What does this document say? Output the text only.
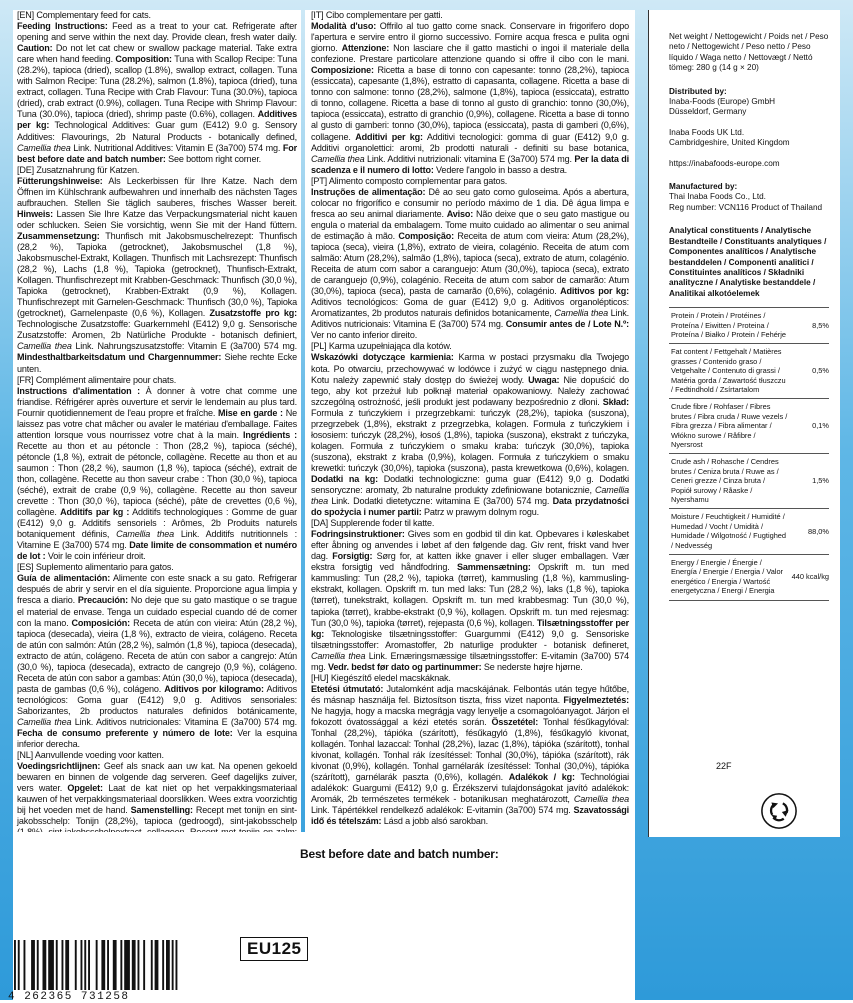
[EN] Complementary feed for cats.

Feeding Instructions: Feed as a treat to your cat. Refrigerate after opening and serve within the next day. Provide clean, fresh water daily. Caution: Do not let cat chew or swallow package material. Take extra care when hand feeding. Composition: Tuna with Scallop Recipe: Tuna (28.2%), tapioca (dried), scallop (1.8%), swallop extract, collagen. Tuna with Salmon Recipe: Tuna (28.2%), salmon (1.8%), tapioca (dried), tuna extract, collagen. Tuna Recipe with Crab Flavour: Tuna (30.0%), tapioca (dried), crab extract (0.9%), collagen. Tuna Recipe with Shrimp Flavour: Tuna (30.0%), tapioca (dried), shrimp paste (0.6%), collagen. Additives per kg: Technological Additives: Guar gum (E412) 9.0 g. Sensory Additives: Flavourings, 2b Natural Products - botanically defined, Camellia thea Link. Nutritional Additives: Vitamin E (3a700) 574 mg. For best before date and batch number: See bottom right corner.

[DE] Zusatznahrung für Katzen.

Fütterungshinweise: Als Leckerbissen für Ihre Katze. Nach dem Öffnen im Kühlschrank aufbewahren und innerhalb des nächsten Tages aufbrauchen. Stellen Sie täglich sauberes, frisches Wasser bereit. Hinweis: Lassen Sie Ihre Katze das Verpackungsmaterial nicht kauen oder schlucken. Seien Sie vorsichtig, wenn Sie mit der Hand füttern. Zusammensetzung: Thunfisch mit Jakobsmuschelrezept: Thunfisch (28,2 %), Tapioka (getrocknet), Jakobsmuschel (1,8 %), Jakobsmuschel-Extrakt, Kollagen. Thunfisch mit Lachsrezept: Thunfisch (28,2 %), Lachs (1,8 %), Tapioka (getrocknet), Thunfisch-Extrakt, Kollagen. Thunfischrezept mit Krabben-Geschmack: Thunfisch (30,0 %), Tapioka (getrocknet), Krabben-Extrakt (0,9 %), Kollagen. Thunfischrezept mit Garnelen-Geschmack: Thunfisch (30,0 %), Tapioka (getrocknet), Garnelenpaste (0,6 %), Kollagen. Zusatzstoffe pro kg: Technologische Zusatzstoffe: Guarkernmehl (E412) 9,0 g. Sensorische Zusatzstoffe: Aromen, 2b Natürliche Produkte - botanisch definiert, Camellia thea Link. Nahrungszusatzstoffe: Vitamin E (3a700) 574 mg. Mindesthaltbarkeitsdatum und Chargennummer: Siehe rechte Ecke unten.

[FR] Complément alimentaire pour chats.

Instructions d'alimentation : À donner à votre chat comme une friandise. Réfrigérer après ouverture et servir le lendemain au plus tard. Fournir quotidiennement de l'eau propre et fraîche. Mise en garde : Ne laissez pas votre chat mâcher ou avaler le matériau d'emballage. Faites attention lorsque vous nourrissez votre chat à la main. Ingrédients : Recette au thon et au pétoncle : Thon (28,2 %), tapioca (séché), pétoncle (1,8 %), extrait de pétoncle, collagène. Recette au thon et au saumon : Thon (28,2 %), saumon (1,8 %), tapioca (séché), extrait de thon, collagène. Recette au thon saveur crabe : Thon (30,0 %), tapioca (séché), extrait de crabe (0,9 %), collagène. Recette au thon saveur crevette : Thon (30,0 %), tapioca (séché), pâte de crevettes (0,6 %), collagène. Additifs par kg : Additifs technologiques : Gomme de guar (E412) 9,0 g. Additifs sensoriels : Arômes, 2b Produits naturels botaniquement définis, Camellia thea Link. Additifs nutritionnels : Vitamine E (3a700) 574 mg. Date limite de consommation et numéro de lot : Voir le coin inférieur droit.

[ES] Suplemento alimentario para gatos.

Guía de alimentación: Alimente con este snack a su gato. Refrigerar después de abrir y servir en el día siguiente. Proporcione agua limpia y fresca a diario. Precaución: No deje que su gato mastique o se trague el material de envase. Tenga un cuidado especial cuando dé de comer con la mano. Composición: Receta de atún con vieira: Atún (28,2 %), tapioca (desecada), vieira (1,8 %), extracto de vieira, colágeno. Receta de atún con salmón: Atún (28,2 %), salmón (1,8 %), tapioca (desecada), extracto de atún, colágeno. Receta de atún con sabor a cangrejo: Atún (30,0 %), tapioca (desecada), extracto de cangrejo (0,9 %), colágeno. Receta de atún con sabor a gambas: Atún (30,0 %), tapioca (desecada), pasta de gambas (0,6 %), colágeno. Aditivos por kilogramo: Aditivos tecnológicos: Goma guar (E412) 9,0 g. Aditivos sensoriales: Saborizantes, 2b productos naturales definidos botánicamente, Camellia thea Link. Aditivos nutricionales: Vitamina E (3a700) 574 mg. Fecha de consumo preferente y número de lote: Ver la esquina inferior derecha.

[NL] Aanvullende voeding voor katten.

Voedingsrichtlijnen: Geef als snack aan uw kat. Na openen gekoeld bewaren en binnen de volgende dag serveren. Geef dagelijks zuiver, vers water. Opgelet: Laat de kat niet op het verpakkingsmateriaal kauwen of het verpakkingsmateriaal doorslikken. Wees extra voorzichtig bij het voeden met de hand. Samenstelling: Recept met tonijn en sint-jakobsschelp: Tonijn (28,2%), tapioca (gedroogd), sint-jakobsschelp

[IT] Cibo complementare per gatti.

Modalità d'uso: Offrilo al tuo gatto come snack. Conservare in frigorifero dopo l'apertura e servire entro il giorno successivo. Fornire acqua fresca e pulita ogni giorno. Attenzione: Non lasciare che il gatto mastichi o ingoi il materiale della confezione. Prestare particolare attenzione quando si offre il cibo con le mani. Composizione: Ricetta a base di tonno con capesante: tonno (28,2%), tapioca (essiccata), capesante (1,8%), estratto di capasanta, collagene. Ricetta a base di tonno con salmone: tonno (28,2%), salmone (1,8%), tapioca (essiccata), estratto di tonno, collagene. Ricetta a base di tonno al gusto di granchio: tonno (30,0%), tapioca (essiccata), estratto di granchio (0,9%), collagene. Ricetta a base di tonno al gusto di gamberi: tonno (30,0%), tapioca (essiccata), pasta di gamberi (0,6%), collagene. Additivi per kg: Additivi tecnologici: gomma di guar (E412) 9,0 g. Additivi organolettici: aromi, 2b prodotti naturali - definiti su base botanica, Camellia thea Link. Additivi nutrizionali: vitamina E (3a700) 574 mg. Per la data di scadenza e il numero di lotto: Vedere l'angolo in basso a destra.

[PT] Alimento composto complementar para gatos.

Instruções de alimentação: Dê ao seu gato como guloseima. Após a abertura, colocar no frigorífico e consumir no período máximo de 1 dia. Dê água limpa e fresca ao seu animal diariamente. Aviso: Não deixe que o seu gato mastigue ou engula o material da embalagem. Tome muito cuidado ao alimentar o seu animal de estimação à mão. Composição: Receita de atum com vieira: Atum (28,2%), tapioca (seca), vieira (1,8%), extrato de vieira, colagénio. Receita de atum com salmão: Atum (28,2%), salmão (1,8%), tapioca (seca), extrato de atum, colagénio. Receita de atum com sabor a caranguejo: Atum (30,0%), tapioca (seca), extrato de caranguejo (0,9%), colagénio. Receita de atum com sabor de camarão: Atum (30,0%), tapioca (seca), pasta de camarão (0,6%), colagénio. Aditivos por kg: Aditivos tecnológicos: Goma de guar (E412) 9,0 g. Aditivos organolépticos: Aromatizantes, 2b produtos naturais definidos botanicamente, Camellia thea Link. Aditivos nutricionais: Vitamina E (3a700) 574 mg. Consumir antes de / Lote N.º: Ver no canto inferior direito.

[PL] Karma uzupełniająca dla kotów.

Wskazówki dotyczące karmienia: Karma w postaci przysmaku dla Twojego kota. Po otwarciu, przechowywać w lodówce i zużyć w ciągu następnego dnia. Kotu należy zapewnić stały dostęp do świeżej wody. Uwaga: Nie dopuścić do tego, aby kot przeżuł lub połknął materiał opakowaniowy. Należy zachować szczególną ostrożność, jeśli produkt jest podawany bezpośrednio z dłoni. Skład: Formuła z tuńczykiem i przegrzebkami: tuńczyk (28,2%), tapioka (suszona), przegrzebek (1,8%), ekstrakt z przegrzebka, kolagen. Formuła z tuńczykiem i łososiem: tuńczyk (28,2%), łosoś (1,8%), tapioka (suszona), ekstrakt z tuńczyka, kolagen. Formuła z tuńczykiem o smaku kraba: tuńczyk (30,0%), tapioka (suszona), ekstrakt z kraba (0,9%), kolagen. Formuła z tuńczykiem o smaku krewetki: tuńczyk (30,0%), tapioka (suszona), pasta krewetkowa (0,6%), kolagen. Dodatki na kg: Dodatki technologiczne: guma guar (E412) 9,0 g. Dodatki sensoryczne: aromaty, 2b naturalne produkty zdefiniowane botanicznie, Camellia thea Link. Dodatki dietetyczne: witamina E (3a700) 574 mg. Data przydatności do spożycia i numer partii: Patrz w prawym dolnym rogu.

[DA] Supplerende foder til katte.

Fodringsinstruktioner: Gives som en godbid til din kat. Opbevares i køleskabet efter åbning og anvendes i løbet af den følgende dag. Giv rent, friskt vand hver dag. Forsigtig: Sørg for, at katten ikke gnaver i eller sluger emballagen. Vær ekstra forsigtig ved håndfodring. Sammensætning: Opskrift m. tun med kammusling: Tun (28,2 %), tapioka (tørret), kammusling (1,8 %), kammusling-ekstrakt, kollagen. Opskrift m. tun med laks: Tun (28,2 %), laks (1,8 %), tapioka (tørret), tunekstrakt, kollagen. Opskrift m. tun med krabbesmag: Tun (30,0 %), tapioka (tørret), krabbe-ekstrakt (0,9 %), kollagen. Opskrift m. tun med rejesmag: Tun (30,0 %), tapioka (tørret), rejepasta (0,6 %), kollagen. Tilsætningsstoffer per kg: Teknologiske tilsætningsstoffer: Guargummi (E412) 9,0 g. Sensoriske tilsætningsstoffer: Aromastoffer, 2b naturlige produkter - botanisk defineret, Camellia thea Link. Ernæringsmæssige tilsætningsstoffer: E-vitamin (3a700) 574 mg. Vedr. bedst før dato og partinummer: Se nederste højre hjørne.

[HU] Kiegészítő eledel macskáknak.

Etetési útmutató: Jutalomként adja macskájának. Felbontás után tegye hűtőbe, és másnap használja fel. Biztosítson tiszta, friss vizet naponta. Figyelmeztetés: Ne hagyja, hogy a macska megrágja vagy lenyelje a csomagolóanyagot. Járjon el fokozott óvatossággal a kézi etetés során. Összetétel: Tonhal fésűkagylóval: Tonhal (28,2%), tápióka (szárított), fésűkagyló (1,8%), fésűkagyló kivonat, kollagén. Tonhal lazaccal: Tonhal (28,2%), lazac (1,8%), tápióka (szárított), tonhal kivonat, kollagén. Tonhal rák ízesítéssel: Tonhal (30,0%), tápióka (szárított), rák kivonat (0,9%), kollagén. Tonhal garnélarák ízesítéssel: Tonhal (30,0%), tápióka (szárított), garnélarák paszta (0,6%), kollagén. Adalékok / kg: Technológiai adalékok: Guargumi (E412) 9,0 g. Érzékszervi tulajdonságokat javító adalékok: Aromák, 2b természetes termékek - botanikusan meghatározott, Camellia thea Link. Tápértékkel rendelkező adalékok: E-vitamin (3a700) 574 mg. Szavatossági idő és tételszám: Lásd a jobb alsó sarokban.

Best before date and batch number:
EU125
4 262365 731258
Net weight / Nettogewicht / Poids net / Peso neto / Nettogewicht / Peso netto / Peso líquido / Waga netto / Nettovægt / Nettó tömeg: 280 g (14 g × 20)
Distributed by:
Inaba-Foods (Europe) GmbH
Düsseldorf, Germany
Inaba Foods UK Ltd.
Cambridgeshire, United Kingdom
https://inabafoods-europe.com
Manufactured by:
Thai Inaba Foods Co., Ltd.
Reg number: VCN116 Product of Thailand
Analytical constituents / Analytische Bestandteile / Constituants analytiques / Componentes analíticos / Analytische bestanddelen / Componenti analitici / Constituintes analíticos / Składniki analityczne / Analytiske bestanddele / Analitikai alkotóelemek
Protein / Protein / Protéines / Proteína / Eiwitten / Proteina / Proteína / Białko / Protein / Fehérje	8,5%
Fat content / Fettgehalt / Matières grasses / Contenido graso / Vetgehalte / Contenuto di grassi / Matéria gorda / Zawartość tłuszczu / Fedtindhold / Zsírtartalom	0,5%
Crude fibre / Rohfaser / Fibres brutes / Fibra cruda / Ruwe vezels / Fibra grezza / Fibra alimentar / Włókno surowe / Råfibre / Nyersrost	0,1%
Crude ash / Rohasche / Cendres brutes / Ceniza bruta / Ruwe as / Ceneri grezze / Cinza bruta / Popiół surowy / Råaske / Nyershamu	1,5%
Moisture / Feuchtigkeit / Humidité / Humedad / Vocht / Umidità / Humidade / Wilgotność / Fugtighed / Nedvesség	88,0%
Energy / Energie / Énergie / Energía / Energie / Energia / Valor energético / Energia / Wartość energetyczna / Energi / Energia	440 kcal/kg
22F
